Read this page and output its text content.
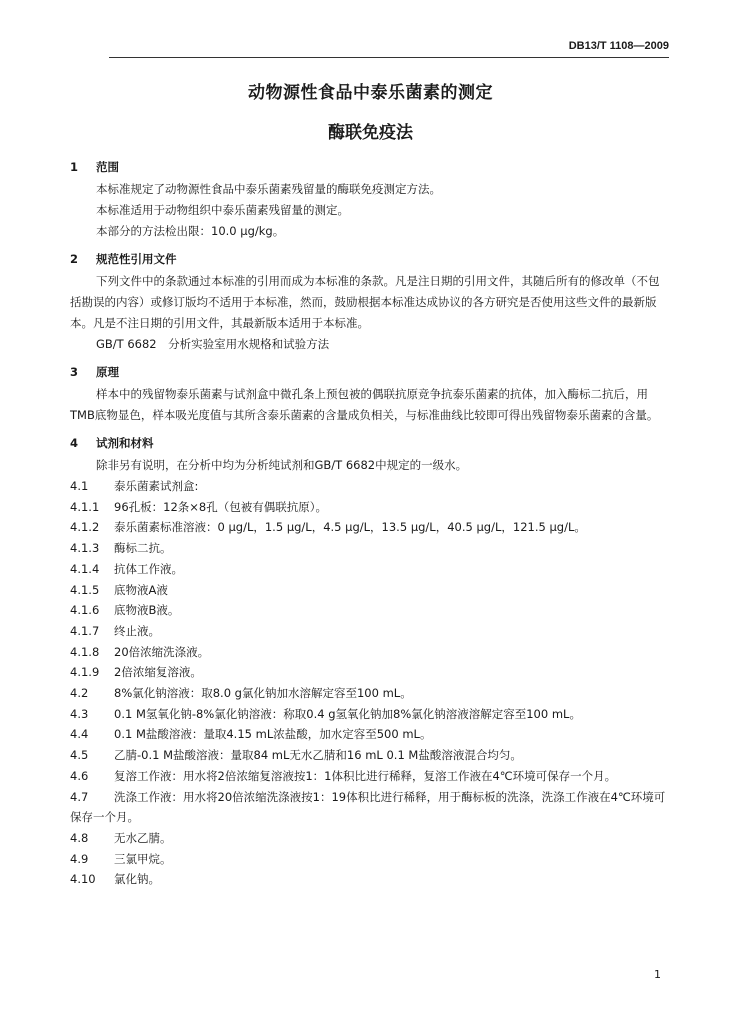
DB13/T 1108—2009
动物源性食品中泰乐菌素的测定
酶联免疫法
1 范围
本标准规定了动物源性食品中泰乐菌素残留量的酶联免疫测定方法。
本标准适用于动物组织中泰乐菌素残留量的测定。
本部分的方法检出限：10.0 μg/kg。
2 规范性引用文件
下列文件中的条款通过本标准的引用而成为本标准的条款。凡是注日期的引用文件，其随后所有的修改单（不包括勘误的内容）或修订版均不适用于本标准，然而，鼓励根据本标准达成协议的各方研究是否使用这些文件的最新版本。凡是不注日期的引用文件，其最新版本适用于本标准。
GB/T 6682　分析实验室用水规格和试验方法
3 原理
样本中的残留物泰乐菌素与试剂盒中微孔条上预包被的偶联抗原竞争抗泰乐菌素的抗体，加入酶标二抗后，用TMB底物显色，样本吸光度值与其所含泰乐菌素的含量成负相关，与标准曲线比较即可得出残留物泰乐菌素的含量。
4 试剂和材料
除非另有说明，在分析中均为分析纯试剂和GB/T 6682中规定的一级水。
4.1 泰乐菌素试剂盒:
4.1.1 96孔板：12条×8孔（包被有偶联抗原）。
4.1.2 泰乐菌素标准溶液：0 μg/L，1.5 μg/L，4.5 μg/L，13.5 μg/L，40.5 μg/L，121.5 μg/L。
4.1.3 酶标二抗。
4.1.4 抗体工作液。
4.1.5 底物液A液
4.1.6 底物液B液。
4.1.7 终止液。
4.1.8 20倍浓缩洗涤液。
4.1.9 2倍浓缩复溶液。
4.2 8%氯化钠溶液：取8.0 g氯化钠加水溶解定容至100 mL。
4.3 0.1 M氢氧化钠-8%氯化钠溶液：称取0.4 g氢氧化钠加8%氯化钠溶液溶解定容至100 mL。
4.4 0.1 M盐酸溶液：量取4.15 mL浓盐酸，加水定容至500 mL。
4.5 乙腈-0.1 M盐酸溶液：量取84 mL无水乙腈和16 mL 0.1 M盐酸溶液混合均匀。
4.6 复溶工作液：用水将2倍浓缩复溶液按1：1体积比进行稀释，复溶工作液在4℃环境可保存一个月。
4.7 洗涤工作液：用水将20倍浓缩洗涤液按1：19体积比进行稀释，用于酶标板的洗涤，洗涤工作液在4℃环境可保存一个月。
4.8 无水乙腈。
4.9 三氯甲烷。
4.10 氯化钠。
1
